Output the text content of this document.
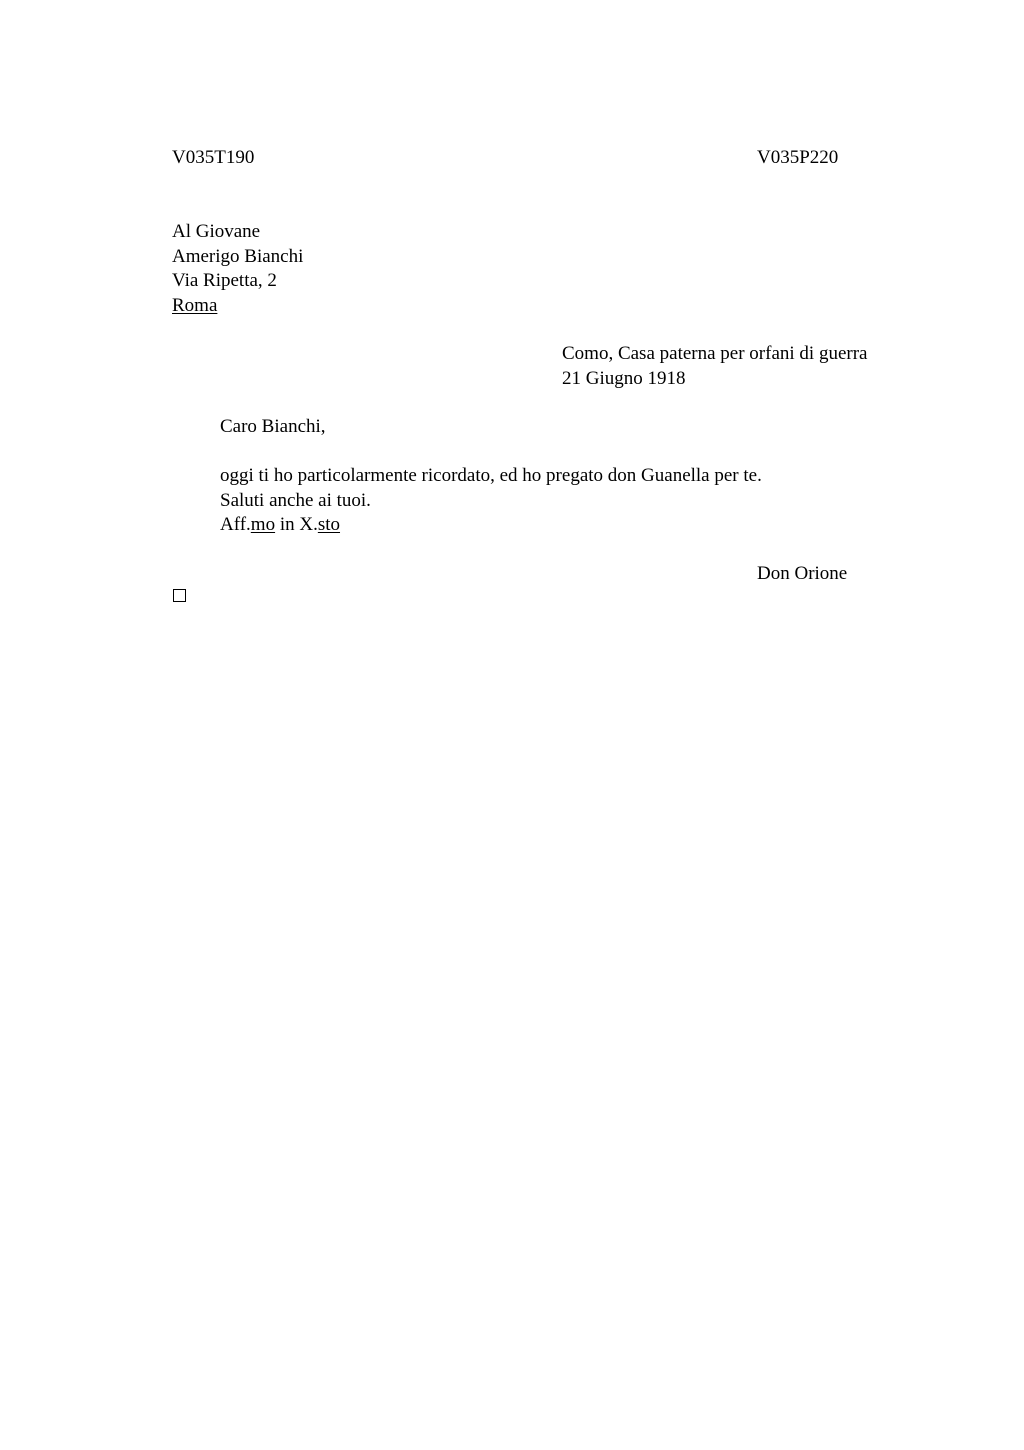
V035T190	V035P220
Al Giovane
Amerigo Bianchi
Via Ripetta, 2
Roma
Como, Casa paterna per orfani di guerra
21 Giugno 1918
Caro Bianchi,
oggi ti ho particolarmente ricordato, ed ho pregato don Guanella per te.
Saluti anche ai tuoi.
Aff.mo in X.sto
Don Orione
